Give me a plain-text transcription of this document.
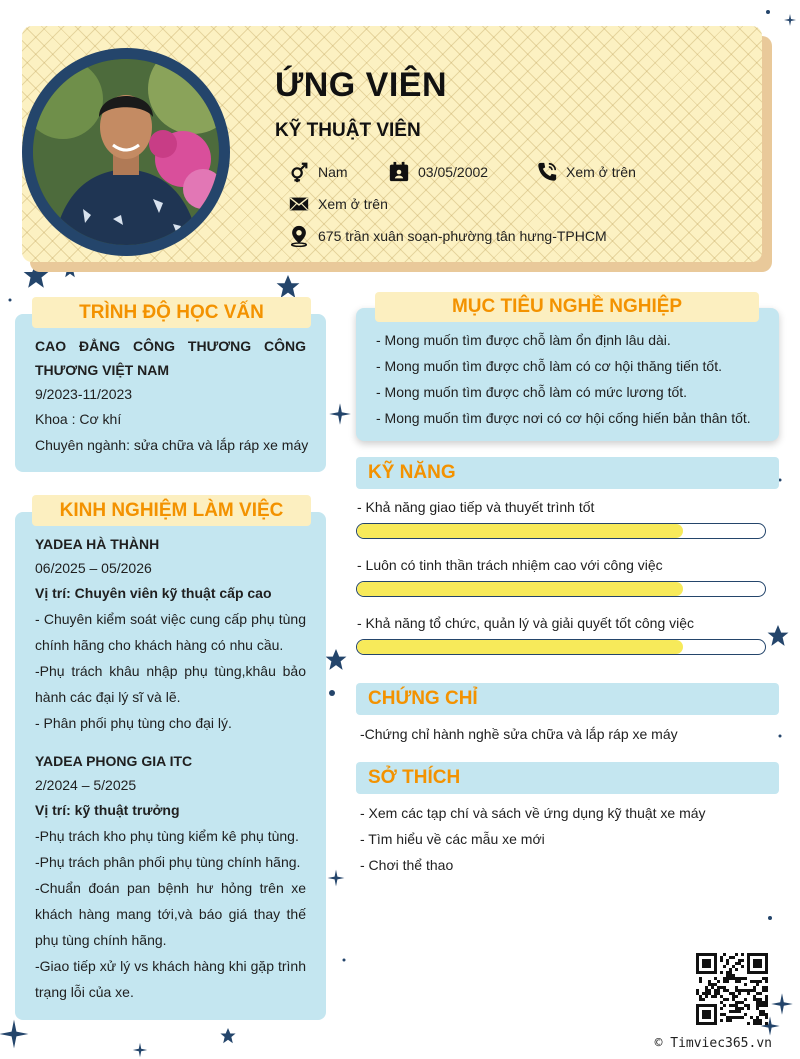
ỨNG VIÊN
KỸ THUẬT VIÊN
Nam	03/05/2002	Xem ở trên
Xem ở trên
675 trần xuân soạn-phường tân hưng-TPHCM
TRÌNH ĐỘ HỌC VẤN
CAO ĐẲNG CÔNG THƯƠNG CÔNG
THƯƠNG VIỆT NAM
9/2023-11/2023
Khoa : Cơ khí
Chuyên ngành: sửa chữa và lắp ráp xe máy
KINH NGHIỆM LÀM VIỆC
YADEA HÀ THÀNH
06/2025 – 05/2026
Vị trí: Chuyên viên kỹ thuật cấp cao
- Chuyên kiểm soát việc cung cấp phụ tùng
chính hãng cho khách hàng có nhu cầu.
-Phụ trách khâu nhập phụ tùng,khâu bảo
hành các đại lý sĩ và lẽ.
- Phân phối phụ tùng cho đại lý.
YADEA PHONG GIA ITC
2/2024 – 5/2025
Vị trí: kỹ thuật trưởng
-Phụ trách kho phụ tùng kiểm kê phụ tùng.
-Phụ trách phân phối phụ tùng chính hãng.
-Chuẩn đoán pan bệnh hư hỏng trên xe
khách hàng mang tới,và báo giá thay thế
phụ tùng chính hãng.
-Giao tiếp xử lý vs khách hàng khi gặp trình
trạng lỗi của xe.
MỤC TIÊU NGHỀ NGHIỆP
- Mong muốn tìm được chỗ làm ổn định lâu dài.
- Mong muốn tìm được chỗ làm có cơ hội thăng tiến tốt.
- Mong muốn tìm được chỗ làm có mức lương tốt.
- Mong muốn tìm được nơi có cơ hội cống hiến bản thân tốt.
KỸ NĂNG
- Khả năng giao tiếp và thuyết trình tốt
- Luôn có tinh thần trách nhiệm cao với công việc
- Khả năng tổ chức, quản lý và giải quyết tốt công việc
CHỨNG CHỈ
-Chứng chỉ hành nghề sửa chữa và lắp ráp xe máy
SỞ THÍCH
- Xem các tạp chí và sách về ứng dụng kỹ thuật xe máy
- Tìm hiểu về các mẫu xe mới
- Chơi thể thao
© Timviec365.vn
